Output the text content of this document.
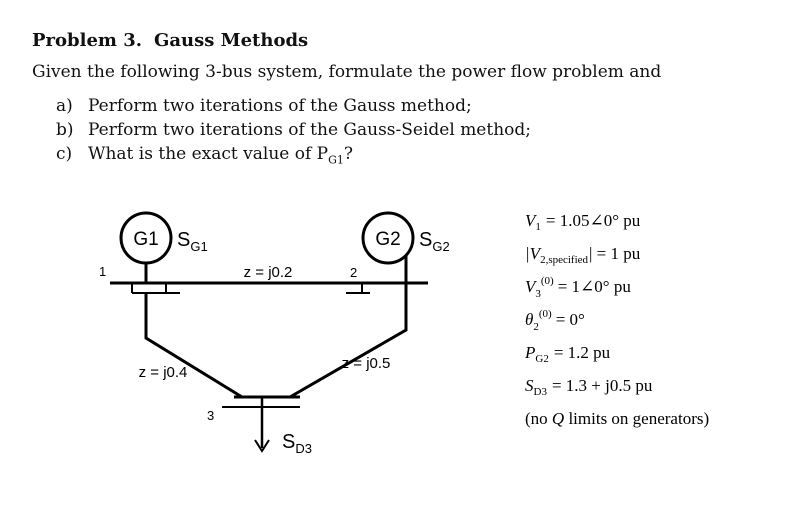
Problem 3. Gauss Methods
Given the following 3-bus system, formulate the power flow problem and
a) Perform two iterations of the Gauss method;
b) Perform two iterations of the Gauss-Seidel method;
c) What is the exact value of $P_{G1}$?
G1 $S_{G1}$	G2 $S_{G2}$
1	2
z = j0.2
z = j0.4
z = j0.5
3
$S_{D3}$
$V_1$ = 1.05∠0° pu
$|V_{2,specified}| = 1$ pu
$V_3^{(0)}$ = 1∠0° pu
$\theta_2^{(0)} = 0^\circ$
$P_{G2} = 1.2$ pu
$S_{D3} = 1.3 + j0.5$ pu
(no Q limits on generators)
